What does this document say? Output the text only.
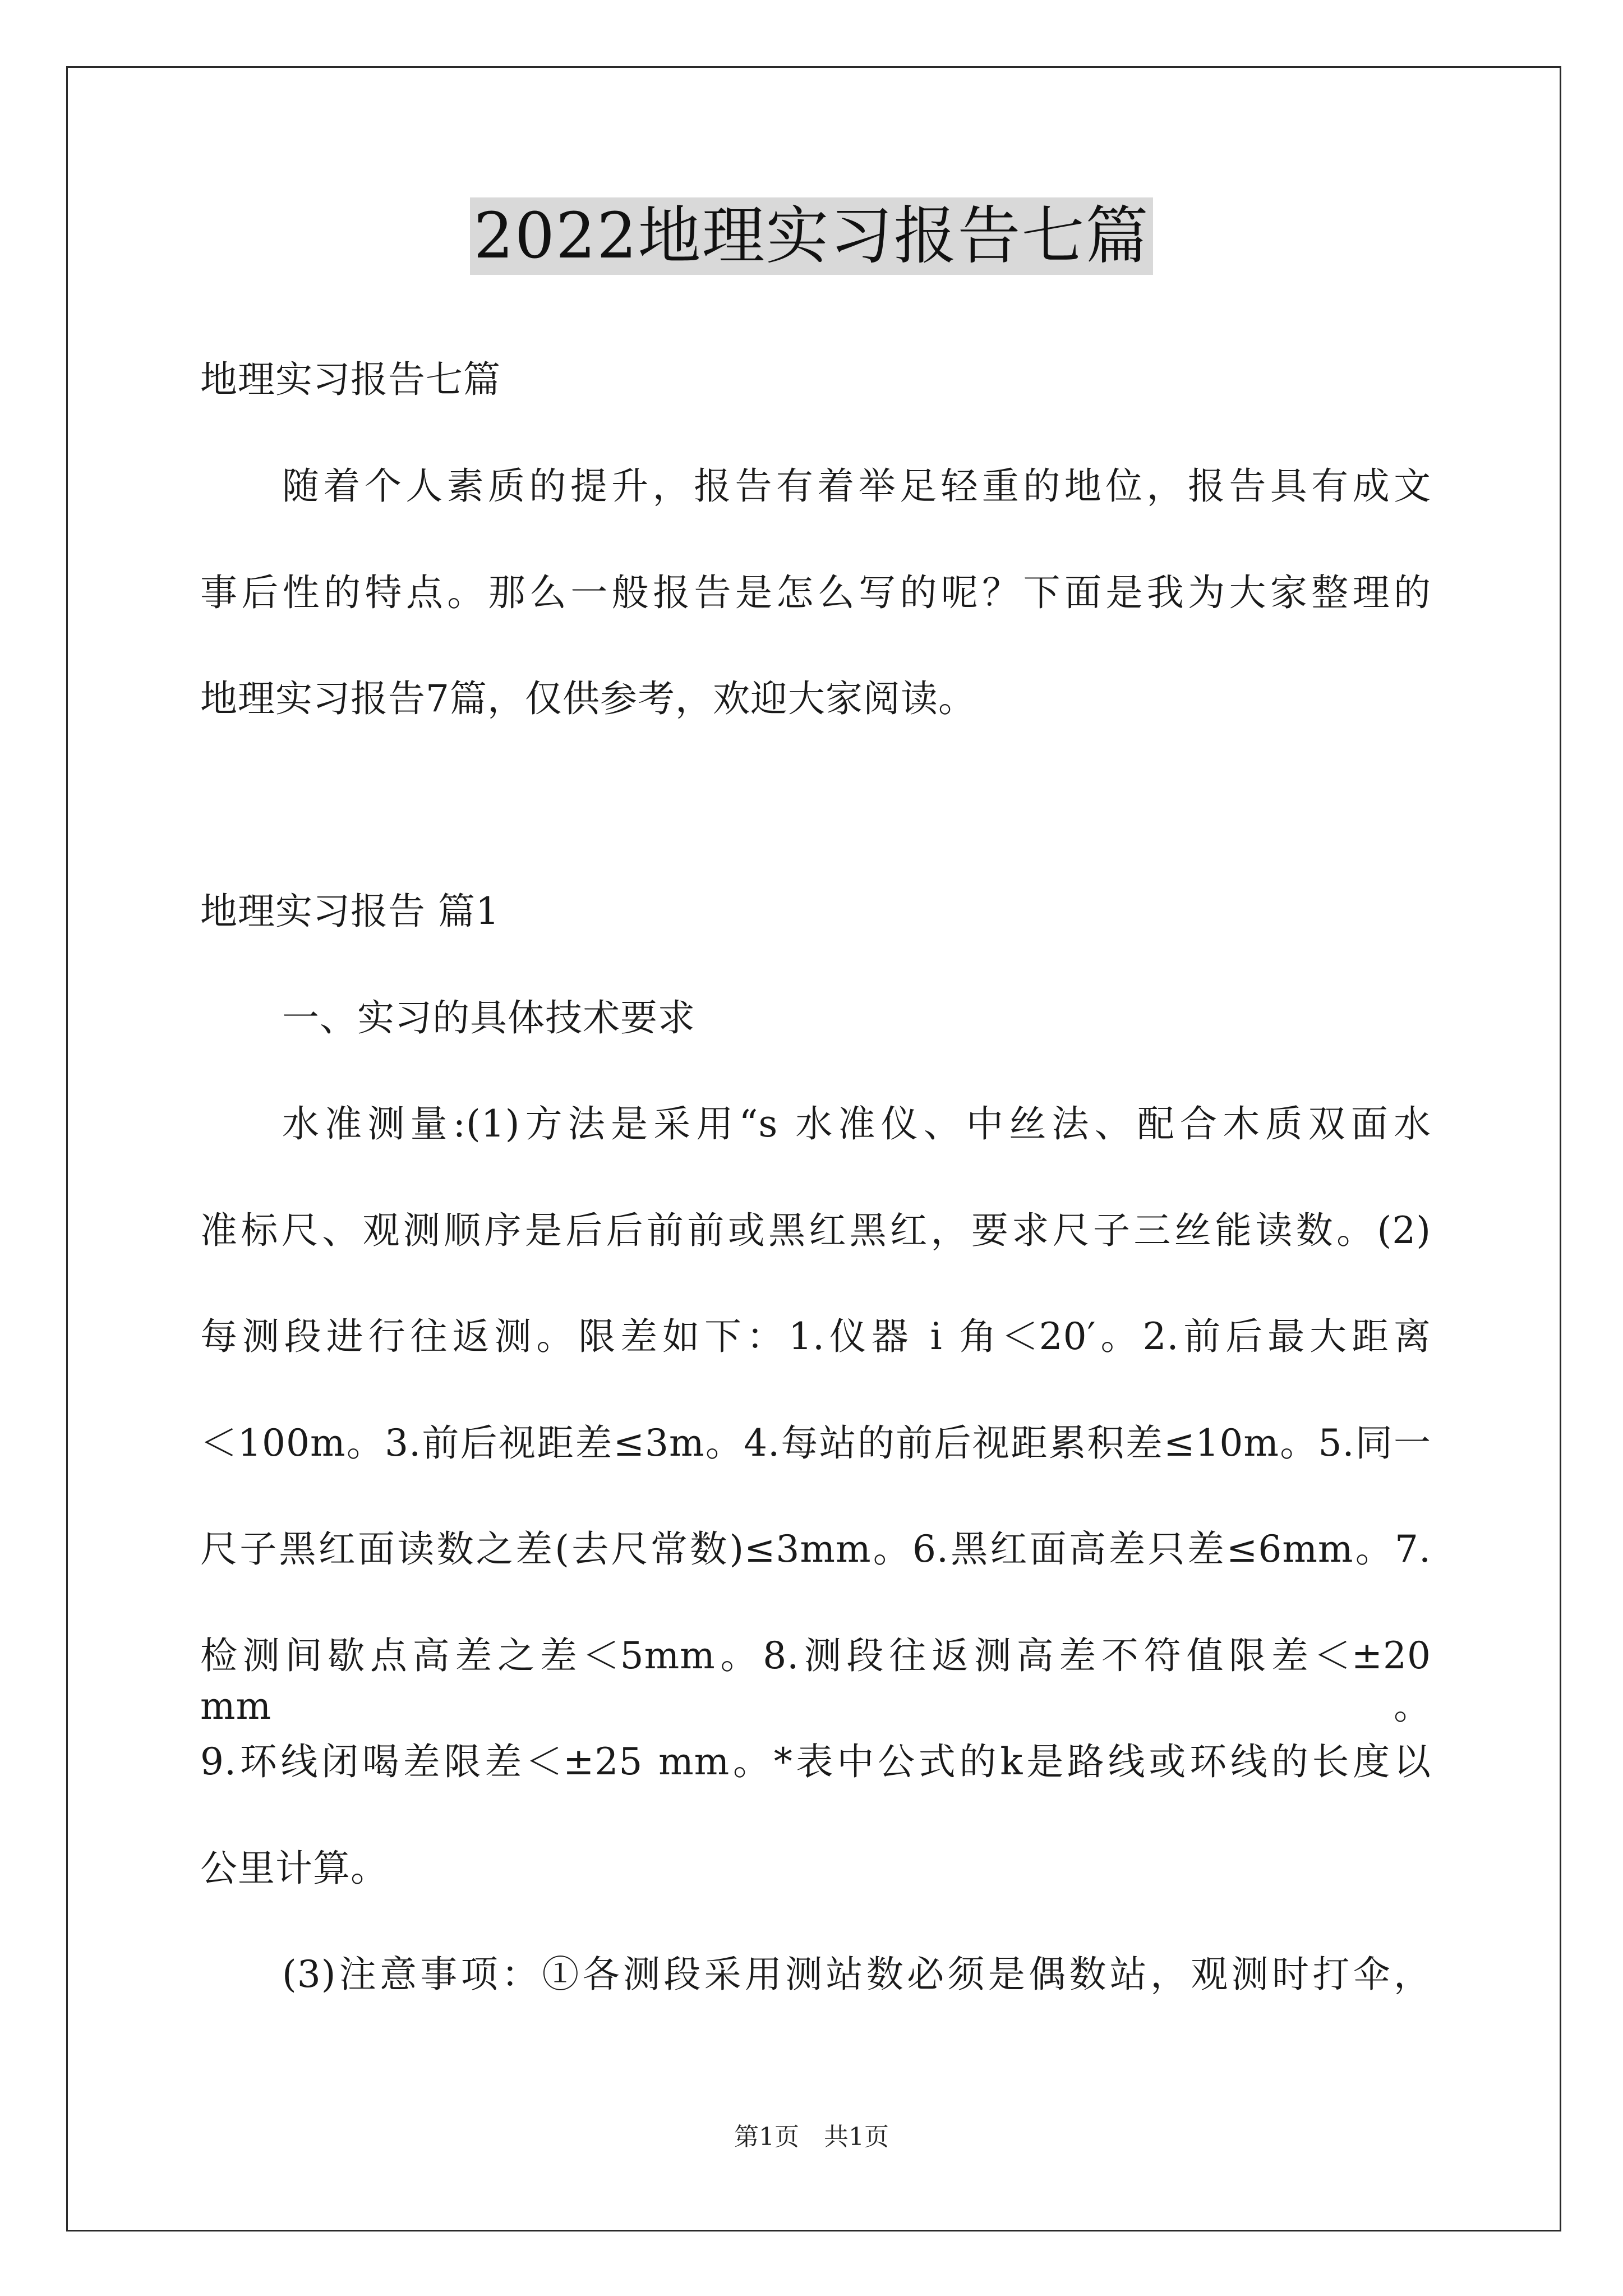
2022地理实习报告七篇
地理实习报告七篇
随着个人素质的提升，报告有着举足轻重的地位，报告具有成文
事后性的特点。那么一般报告是怎么写的呢？下面是我为大家整理的
地理实习报告7篇，仅供参考，欢迎大家阅读。
地理实习报告 篇1
一、实习的具体技术要求
水准测量:(1)方法是采用“s 水准仪、中丝法、配合木质双面水
准标尺、观测顺序是后后前前或黑红黑红，要求尺子三丝能读数。(2)
每测段进行往返测。限差如下：1.仪器 i 角＜20′。2.前后最大距离
＜100m。3.前后视距差≤3m。4.每站的前后视距累积差≤10m。5.同一
尺子黑红面读数之差(去尺常数)≤3mm。6.黑红面高差只差≤6mm。7.
检测间歇点高差之差＜5mm。8.测段往返测高差不符值限差＜±20 mm。
9.环线闭喝差限差＜±25 mm。*表中公式的k是路线或环线的长度以
公里计算。
(3)注意事项：①各测段采用测站数必须是偶数站，观测时打伞，
第1页　共1页
